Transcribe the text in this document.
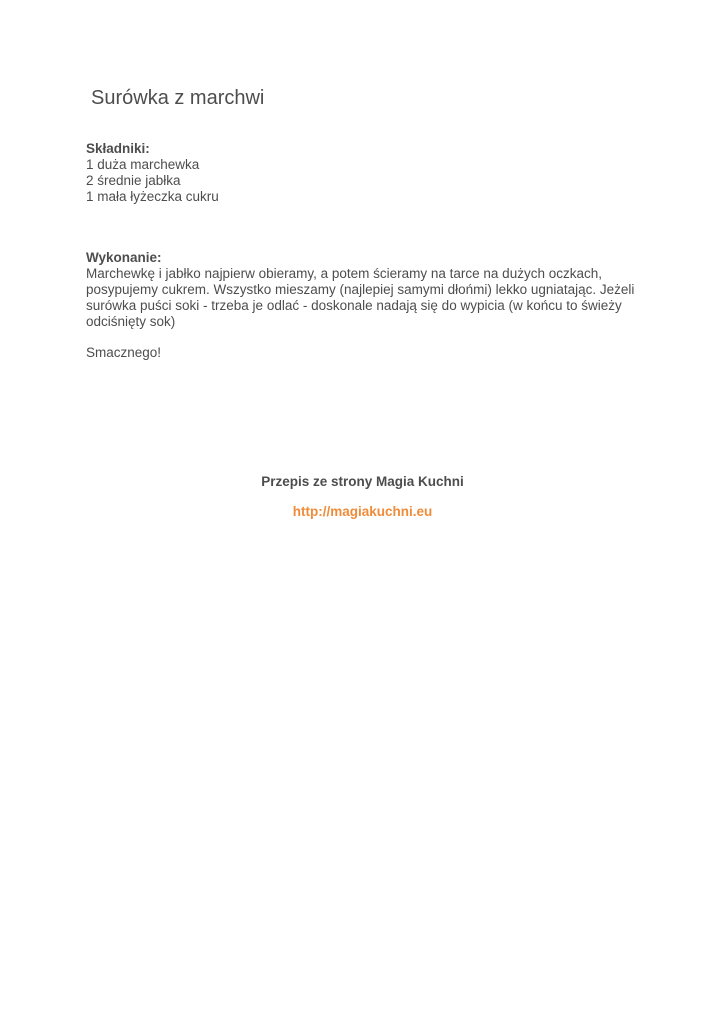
Surówka z marchwi
Składniki:
1 duża marchewka
2 średnie jabłka
1 mała łyżeczka cukru
Wykonanie:
Marchewkę i jabłko najpierw obieramy, a potem ścieramy na tarce na dużych oczkach,
posypujemy cukrem. Wszystko mieszamy (najlepiej samymi dłońmi) lekko ugniatając. Jeżeli
surówka puści soki - trzeba je odlać - doskonale nadają się do wypicia (w końcu to świeży
odciśnięty sok)
Smacznego!
Przepis ze strony Magia Kuchni
http://magiakuchni.eu
